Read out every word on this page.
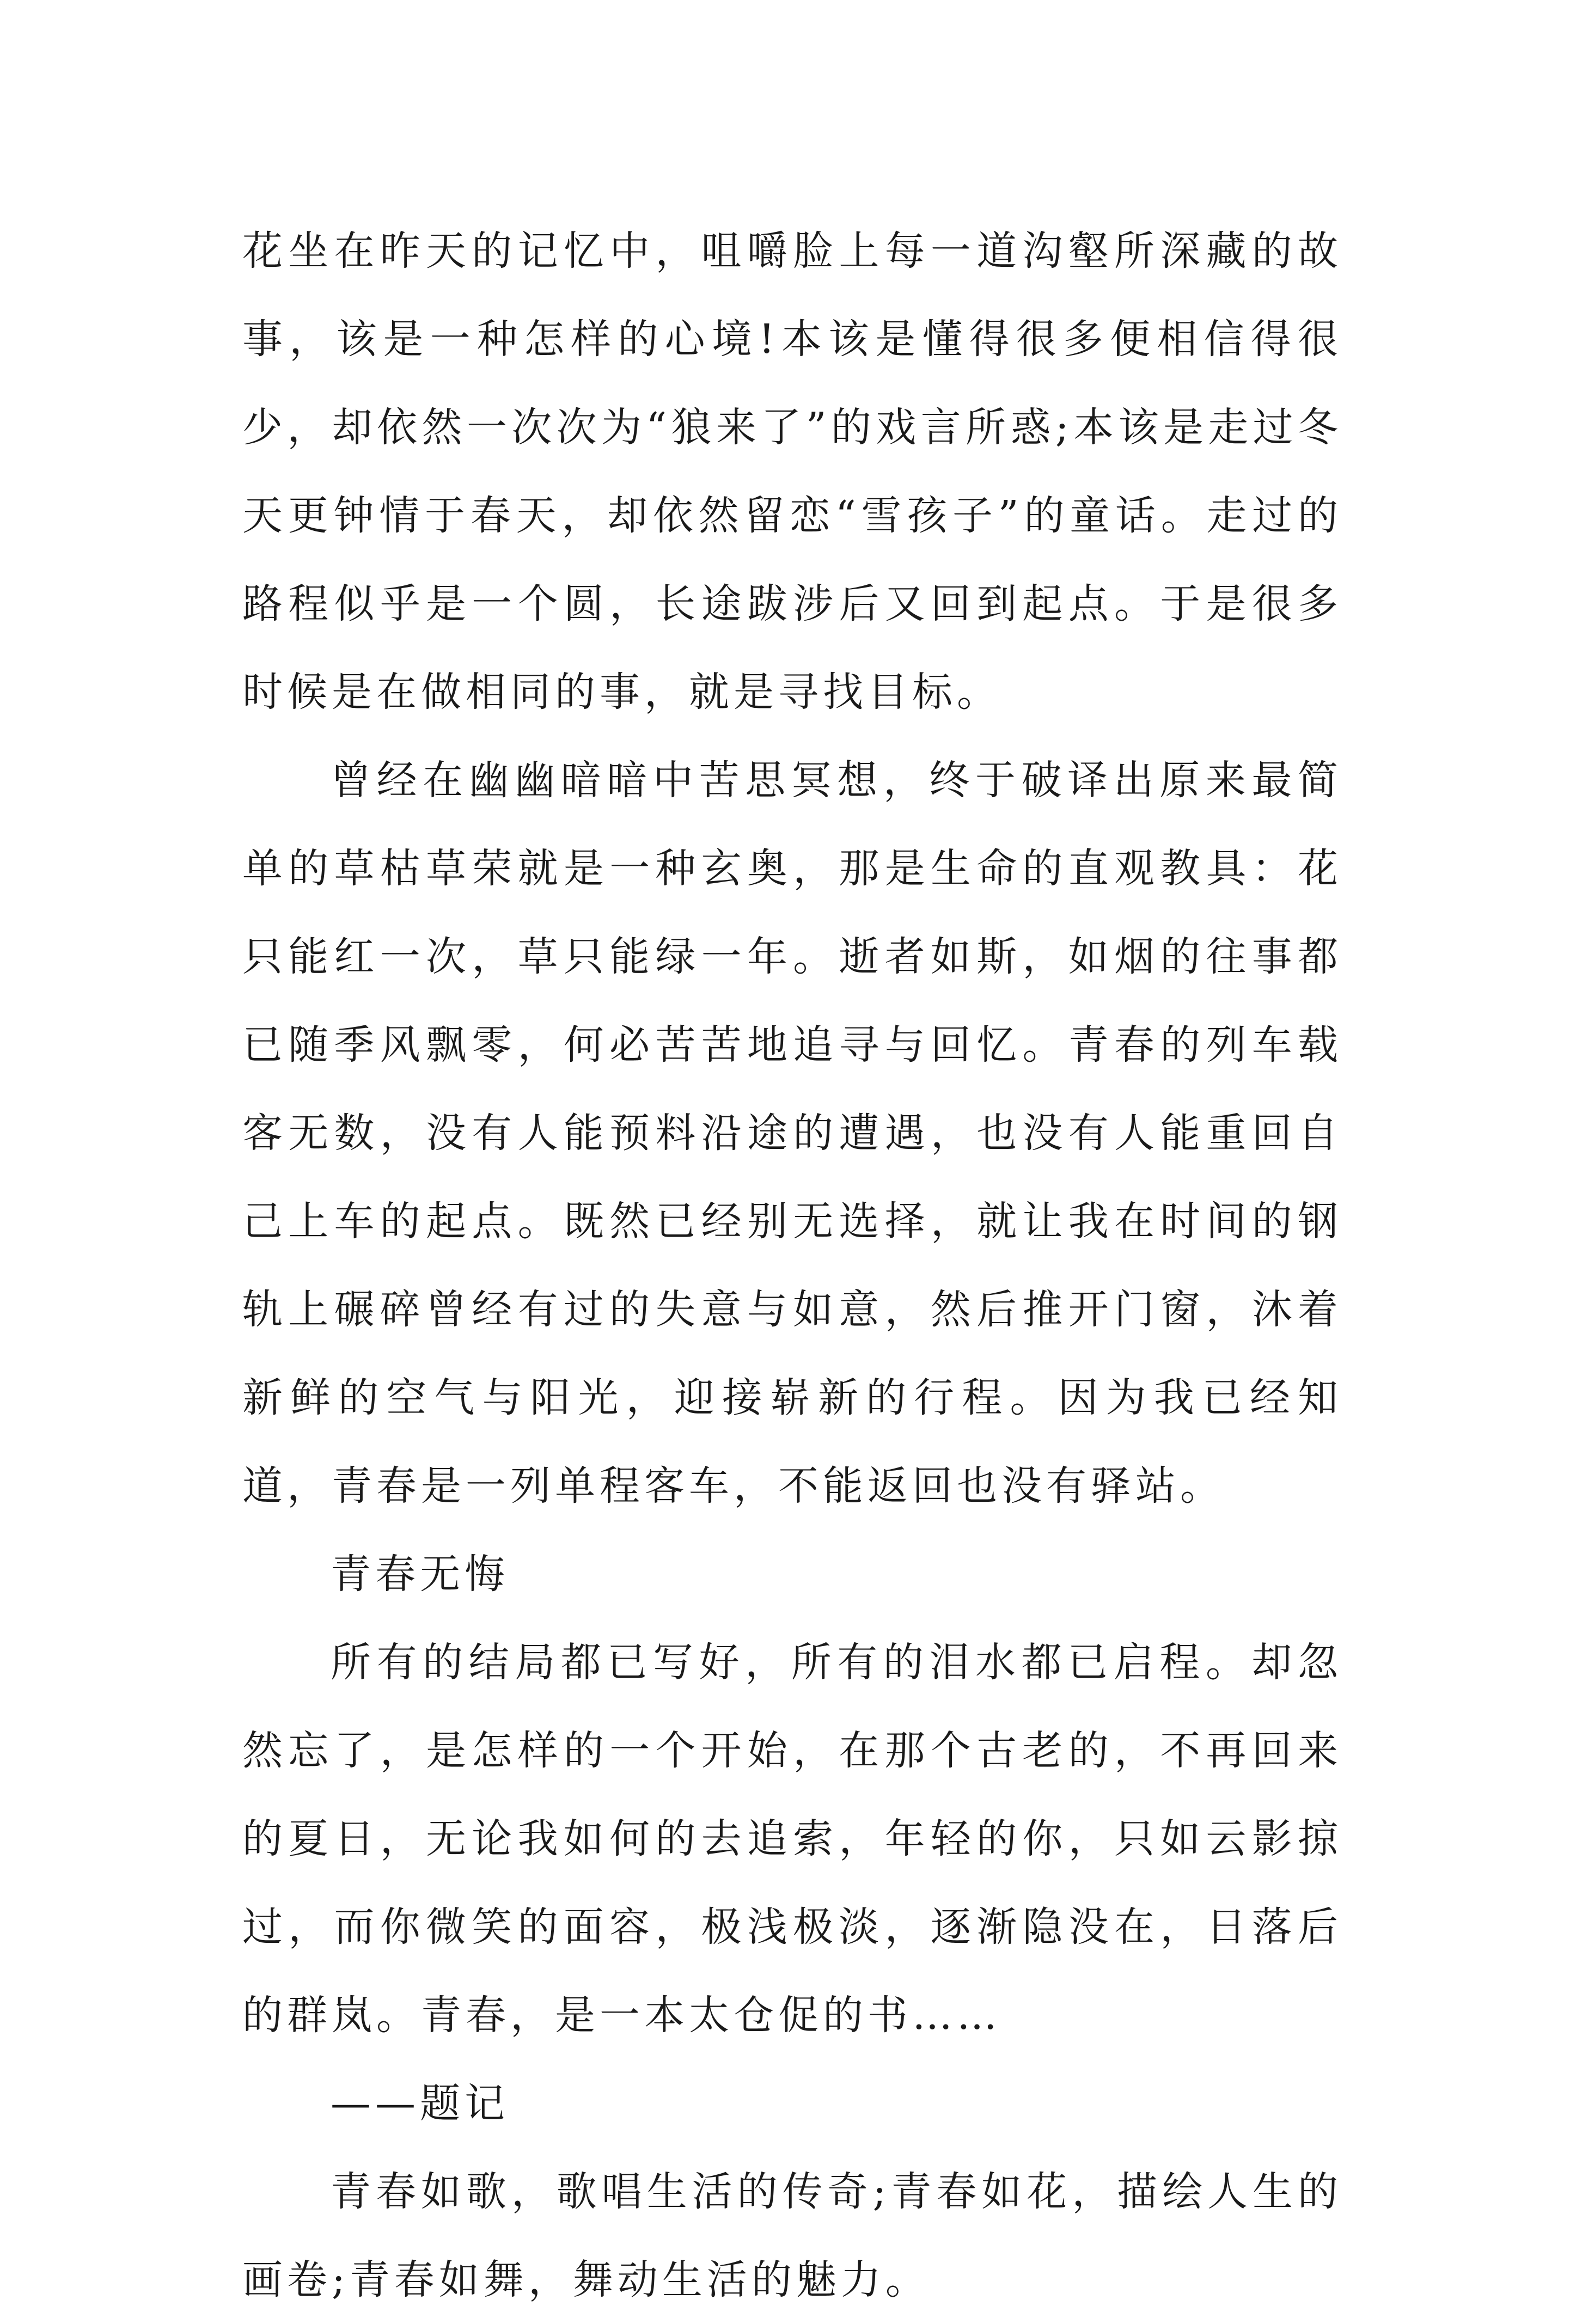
花坐在昨天的记忆中，咀嚼脸上每一道沟壑所深藏的故事，该是一种怎样的心境!本该是懂得很多便相信得很少，却依然一次次为“狼来了”的戏言所惑;本该是走过冬天更钟情于春天，却依然留恋“雪孩子”的童话。走过的路程似乎是一个圆，长途跋涉后又回到起点。于是很多时候是在做相同的事，就是寻找目标。

曾经在幽幽暗暗中苦思冥想，终于破译出原来最简单的草枯草荣就是一种玄奥，那是生命的直观教具：花只能红一次，草只能绿一年。逝者如斯，如烟的往事都已随季风飘零，何必苦苦地追寻与回忆。青春的列车载客无数，没有人能预料沿途的遭遇，也没有人能重回自己上车的起点。既然已经别无选择，就让我在时间的钢轨上碾碎曾经有过的失意与如意，然后推开门窗，沐着新鲜的空气与阳光，迎接崭新的行程。因为我已经知道，青春是一列单程客车，不能返回也没有驿站。

青春无悔

所有的结局都已写好，所有的泪水都已启程。却忽然忘了，是怎样的一个开始，在那个古老的，不再回来的夏日，无论我如何的去追索，年轻的你，只如云影掠过，而你微笑的面容，极浅极淡，逐渐隐没在，日落后的群岚。青春，是一本太仓促的书……

——题记

青春如歌，歌唱生活的传奇;青春如花，描绘人生的画卷;青春如舞，舞动生活的魅力。
